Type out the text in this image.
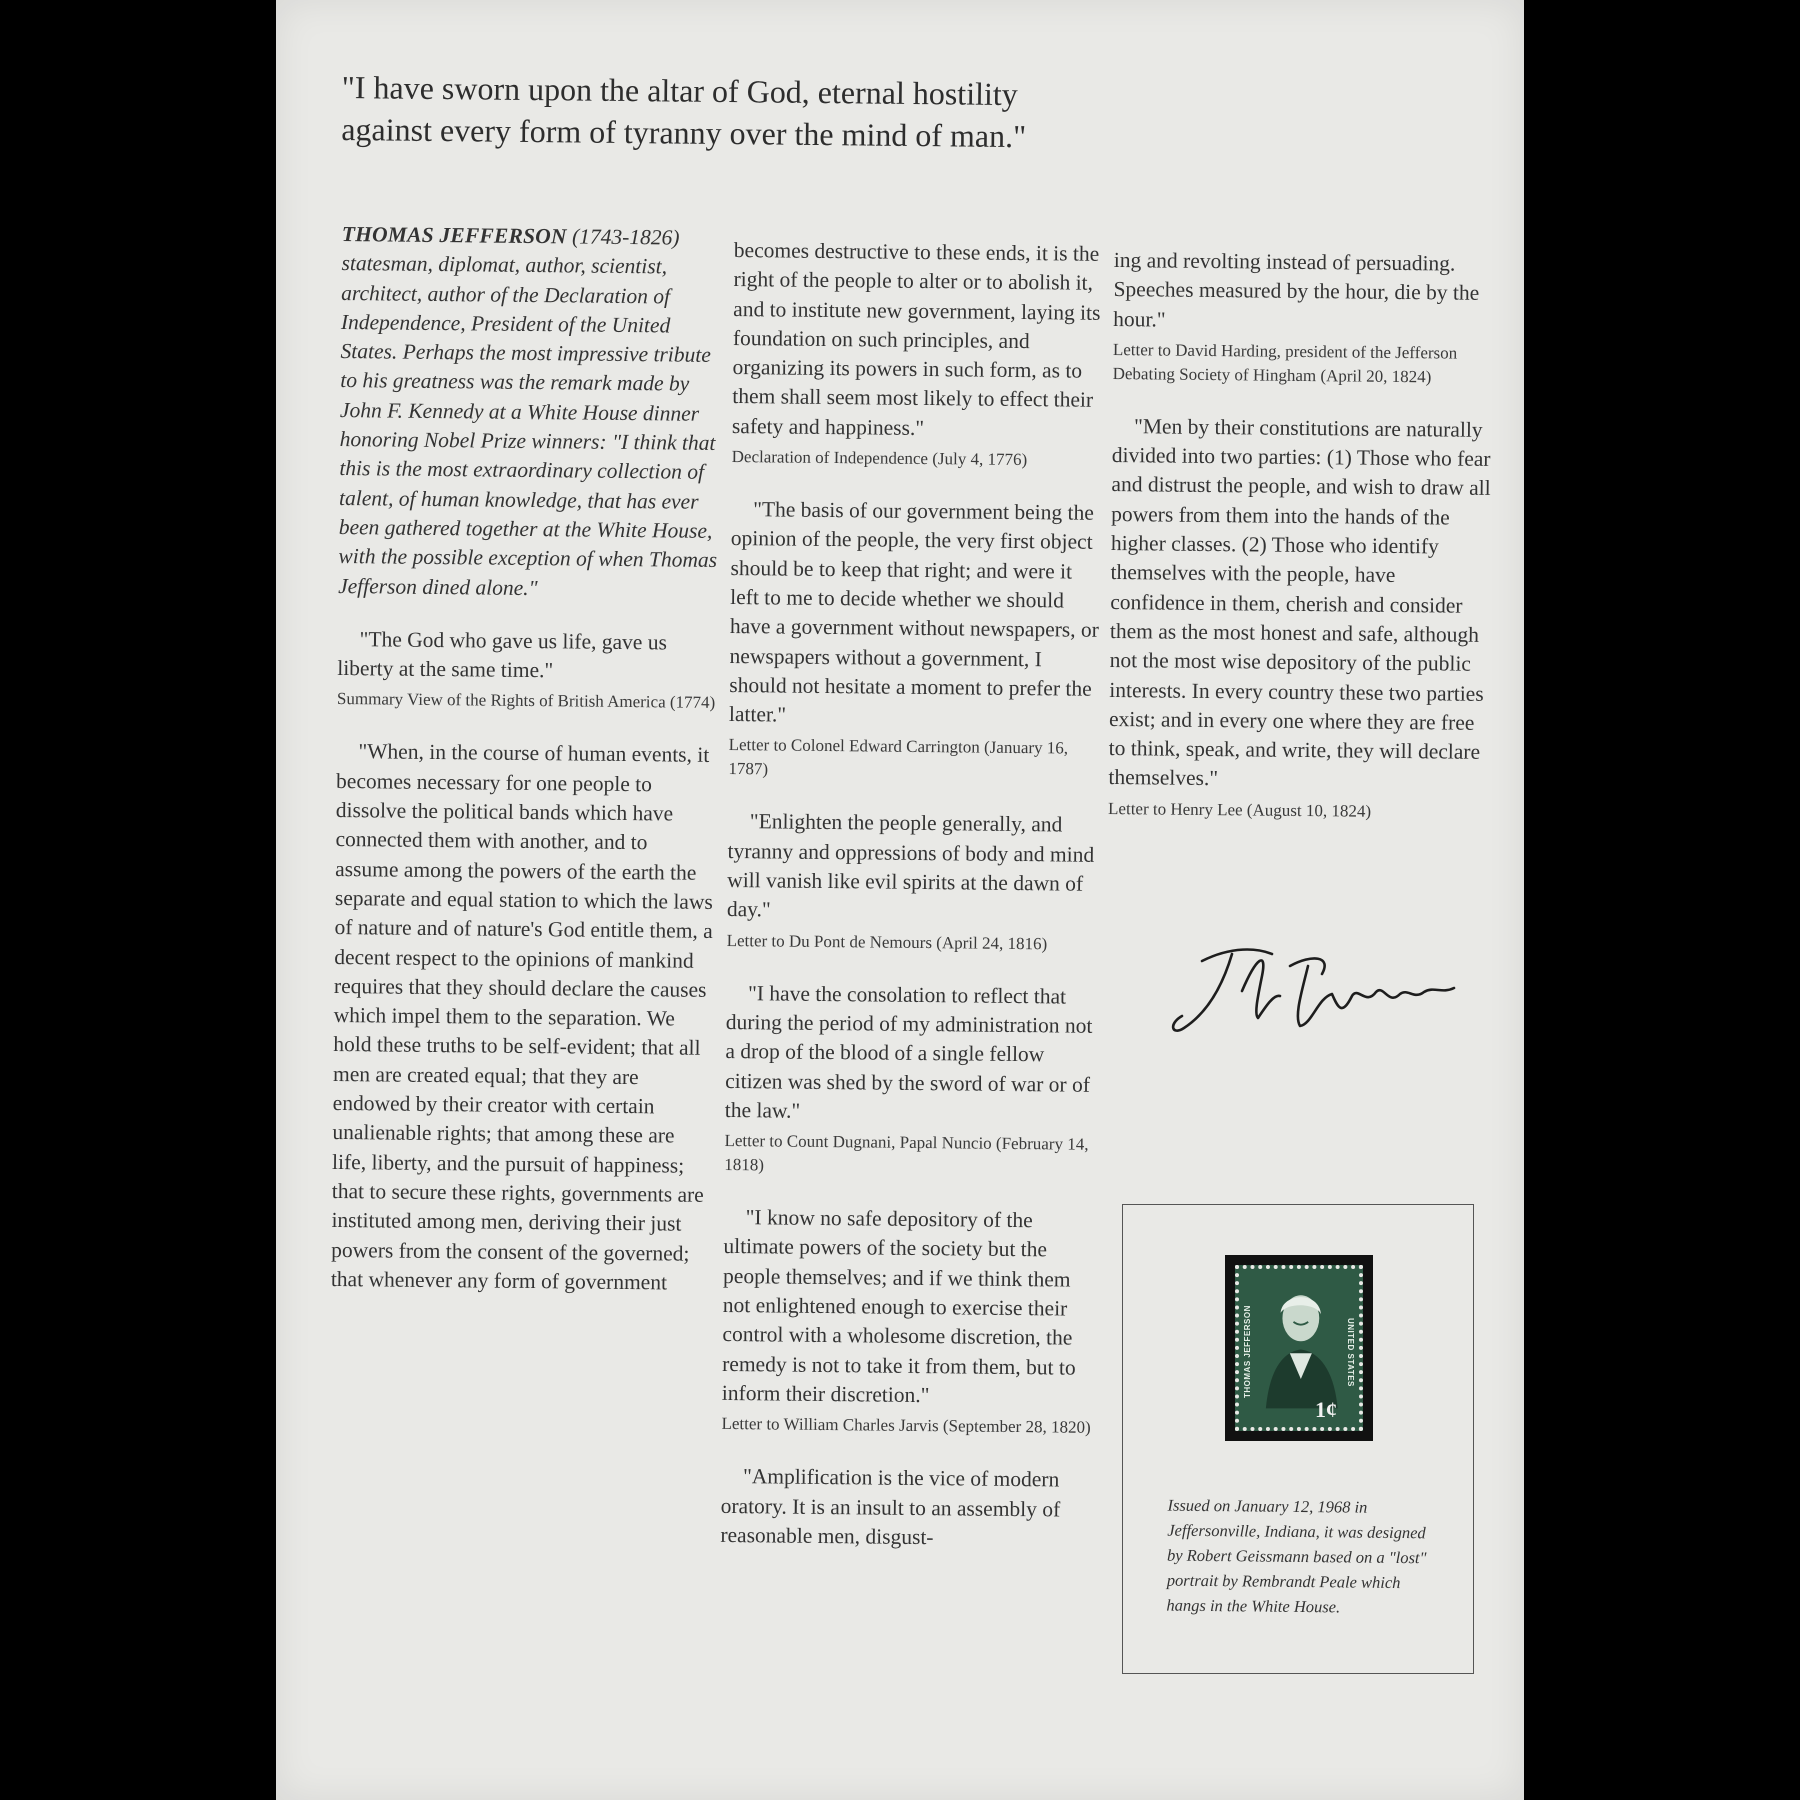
"I have sworn upon the altar of God, eternal hostility against every form of tyranny over the mind of man."

THOMAS JEFFERSON (1743-1826) statesman, diplomat, author, scientist, architect, author of the Declaration of Independence, President of the United States. Perhaps the most impressive tribute to his greatness was the remark made by John F. Kennedy at a White House dinner honoring Nobel Prize winners: "I think that this is the most extraordinary collection of talent, of human knowledge, that has ever been gathered together at the White House, with the possible exception of when Thomas Jefferson dined alone."

"The God who gave us life, gave us liberty at the same time."

Summary View of the Rights of British America (1774)

"When, in the course of human events, it becomes necessary for one people to dissolve the political bands which have connected them with another, and to assume among the powers of the earth the separate and equal station to which the laws of nature and of nature's God entitle them, a decent respect to the opinions of mankind requires that they should declare the causes which impel them to the separation. We hold these truths to be self-evident; that all men are created equal; that they are endowed by their creator with certain unalienable rights; that among these are life, liberty, and the pursuit of happiness; that to secure these rights, governments are instituted among men, deriving their just powers from the consent of the governed; that whenever any form of government

becomes destructive to these ends, it is the right of the people to alter or to abolish it, and to institute new government, laying its foundation on such principles, and organizing its powers in such form, as to them shall seem most likely to effect their safety and happiness."

Declaration of Independence (July 4, 1776)

"The basis of our government being the opinion of the people, the very first object should be to keep that right; and were it left to me to decide whether we should have a government without newspapers, or newspapers without a government, I should not hesitate a moment to prefer the latter."

Letter to Colonel Edward Carrington (January 16, 1787)

"Enlighten the people generally, and tyranny and oppressions of body and mind will vanish like evil spirits at the dawn of day."

Letter to Du Pont de Nemours (April 24, 1816)

"I have the consolation to reflect that during the period of my administration not a drop of the blood of a single fellow citizen was shed by the sword of war or of the law."

Letter to Count Dugnani, Papal Nuncio (February 14, 1818)

"I know no safe depository of the ultimate powers of the society but the people themselves; and if we think them not enlightened enough to exercise their control with a wholesome discretion, the remedy is not to take it from them, but to inform their discretion."

Letter to William Charles Jarvis (September 28, 1820)

"Amplification is the vice of modern oratory. It is an insult to an assembly of reasonable men, disgust-

ing and revolting instead of persuading. Speeches measured by the hour, die by the hour."

Letter to David Harding, president of the Jefferson Debating Society of Hingham (April 20, 1824)

"Men by their constitutions are naturally divided into two parties: (1) Those who fear and distrust the people, and wish to draw all powers from them into the hands of the higher classes. (2) Those who identify themselves with the people, have confidence in them, cherish and consider them as the most honest and safe, although not the most wise depository of the public interests. In every country these two parties exist; and in every one where they are free to think, speak, and write, they will declare themselves."

Letter to Henry Lee (August 10, 1824)

THOMAS JEFFERSON	UNITED STATES
1¢

Issued on January 12, 1968 in Jeffersonville, Indiana, it was designed by Robert Geissmann based on a "lost" portrait by Rembrandt Peale which hangs in the White House.
